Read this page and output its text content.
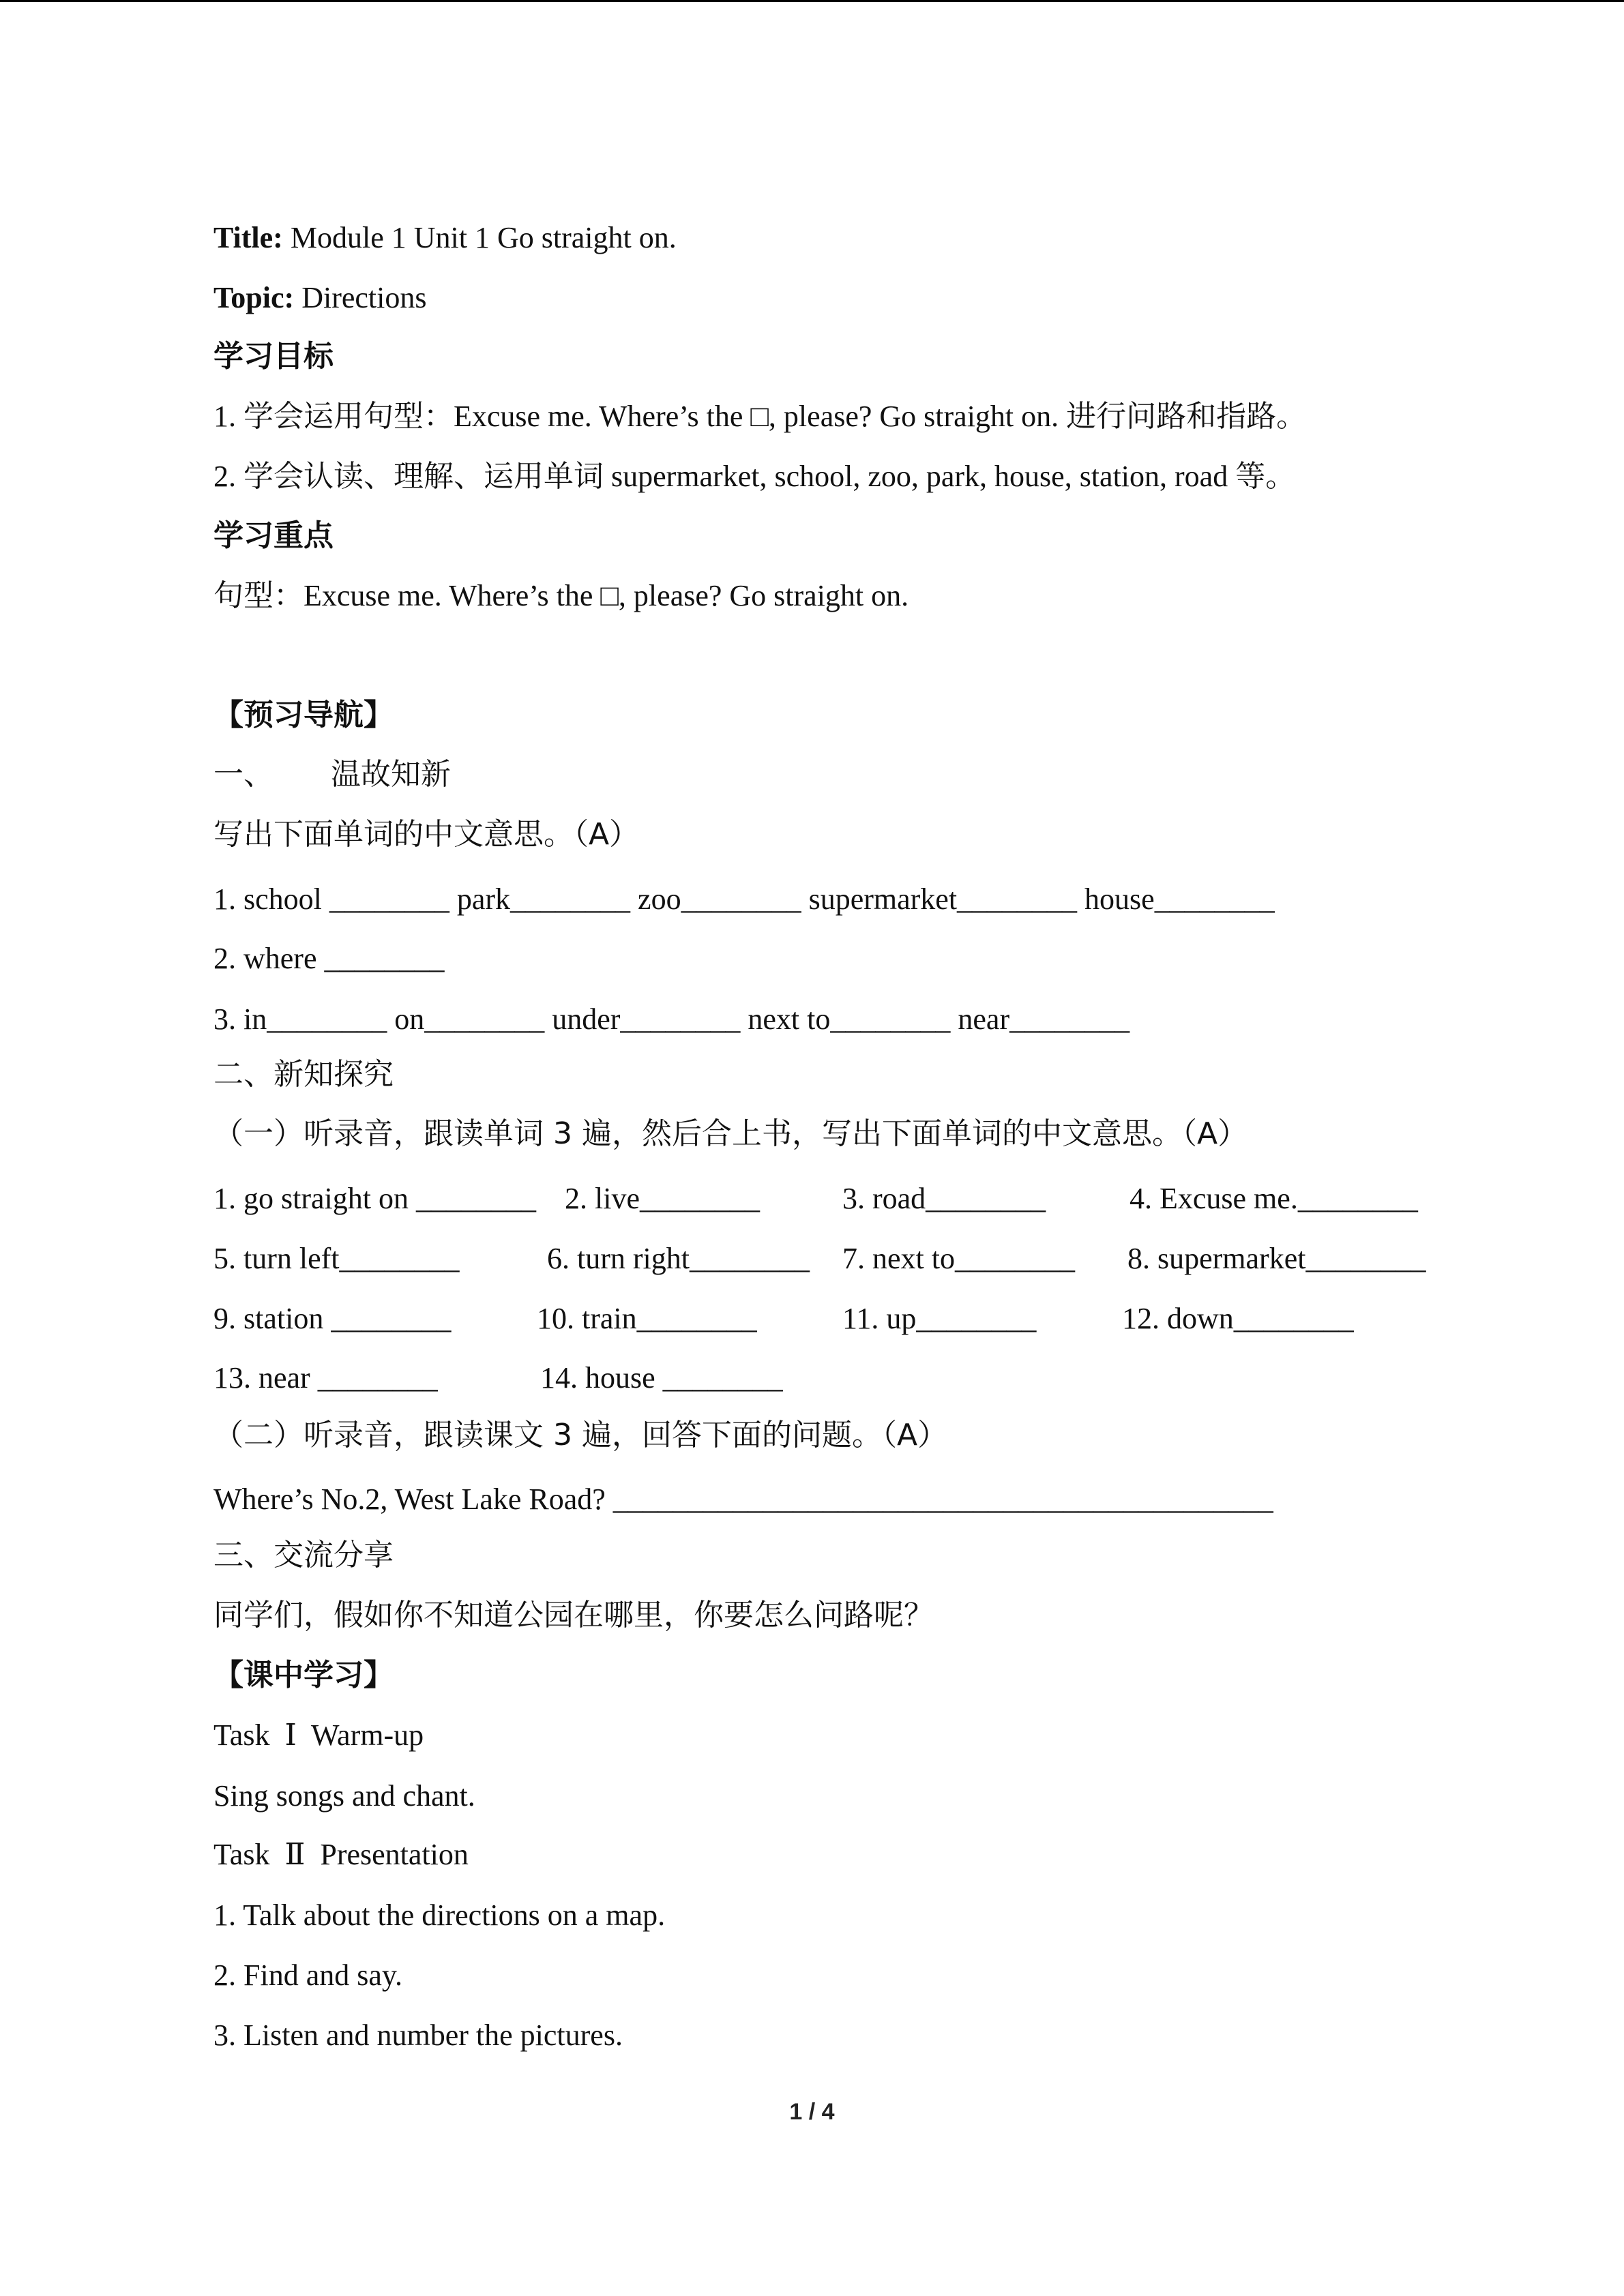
Title: Module 1 Unit 1 Go straight on.

Topic: Directions

学习目标

1. 学会运用句型：Excuse me. Where’s the □, please? Go straight on. 进行问路和指路。

2. 学会认读、理解、运用单词 supermarket, school, zoo, park, house, station, road 等。

学习重点

句型：Excuse me. Where’s the □, please? Go straight on.

【预习导航】

一、      温故知新

写出下面单词的中文意思。（A）

1. school ________ park________ zoo________ supermarket________ house________

2. where ________

3. in________ on________ under________ next to________ near________

二、新知探究

（一）听录音，跟读单词 3 遍，然后合上书，写出下面单词的中文意思。（A）

1. go straight on ________ 2. live________	3. road________	4. Excuse me.________
5. turn left________	6. turn right________ 7. next to________ 8. supermarket________
9. station ________	10. train________	11. up________	12. down________
13. near ________	14. house ________

（二）听录音，跟读课文 3 遍，回答下面的问题。（A）

Where’s No.2, West Lake Road? ____________________________________________

三、交流分享

同学们，假如你不知道公园在哪里，你要怎么问路呢？

【课中学习】

Task  Ⅰ  Warm-up

Sing songs and chant.

Task  Ⅱ  Presentation

1. Talk about the directions on a map.

2. Find and say.

3. Listen and number the pictures.

1 / 4
